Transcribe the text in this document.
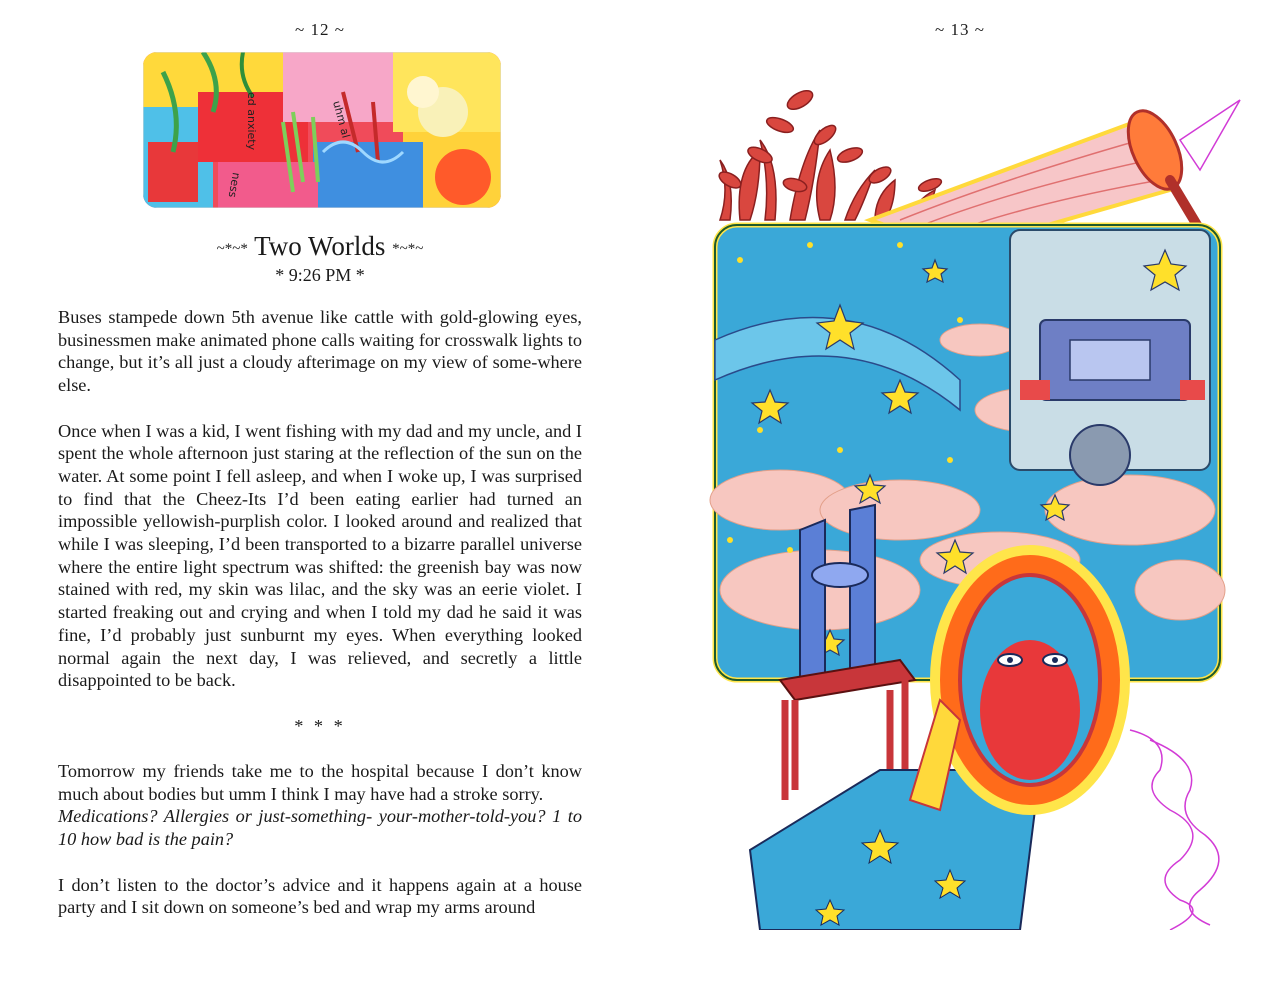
~ 12 ~
uhm al
ed anxiety
ness
~*~* Two Worlds *~*~
* 9:26 PM *

Buses stampede down 5th avenue like cattle with gold-glowing eyes, businessmen make animated phone calls waiting for crosswalk lights to change, but it’s all just a cloudy afterimage on my view of some-where else.

Once when I was a kid, I went fishing with my dad and my uncle, and I spent the whole afternoon just staring at the reflection of the sun on the water. At some point I fell asleep, and when I woke up, I was surprised to find that the Cheez-Its I’d been eating earlier had turned an impossible yellowish-purplish color. I looked around and realized that while I was sleeping, I’d been transported to a bizarre parallel universe where the entire light spectrum was shifted: the greenish bay was now stained with red, my skin was lilac, and the sky was an eerie violet. I started freaking out and crying and when I told my dad he said it was fine, I’d probably just sunburnt my eyes. When everything looked normal again the next day, I was relieved, and secretly a little disappointed to be back.

* * *

Tomorrow my friends take me to the hospital because I don’t know much about bodies but umm I think I may have had a stroke sorry.
Medications? Allergies or just-something- your-mother-told-you? 1 to 10 how bad is the pain?

I don’t listen to the doctor’s advice and it happens again at a house party and I sit down on someone’s bed and wrap my arms around

~ 13 ~
